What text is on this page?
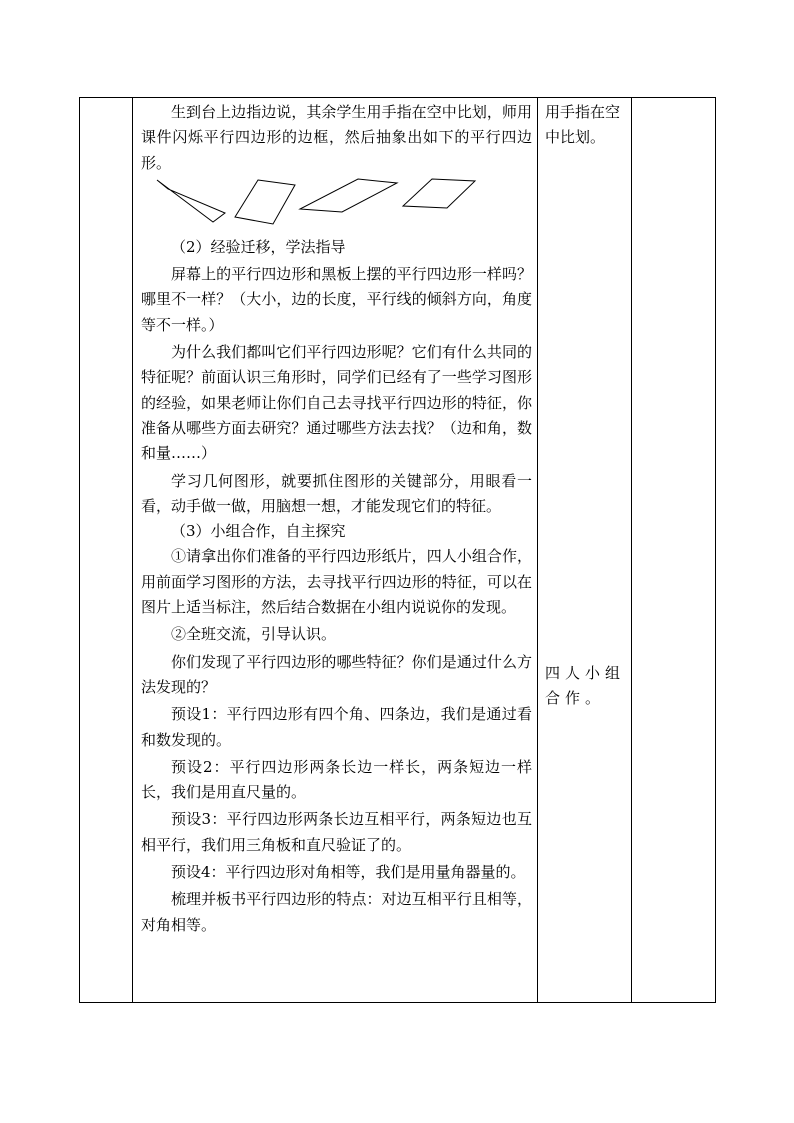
生到台上边指边说，其余学生用手指在空中比划，师用课件闪烁平行四边形的边框，然后抽象出如下的平行四边形。

（2）经验迁移，学法指导

屏幕上的平行四边形和黑板上摆的平行四边形一样吗？哪里不一样？（大小，边的长度，平行线的倾斜方向，角度等不一样。）

为什么我们都叫它们平行四边形呢？它们有什么共同的特征呢？前面认识三角形时，同学们已经有了一些学习图形的经验，如果老师让你们自己去寻找平行四边形的特征，你准备从哪些方面去研究？通过哪些方法去找？（边和角，数和量……）

学习几何图形，就要抓住图形的关键部分，用眼看一看，动手做一做，用脑想一想，才能发现它们的特征。

（3）小组合作，自主探究

①请拿出你们准备的平行四边形纸片，四人小组合作，用前面学习图形的方法，去寻找平行四边形的特征，可以在图片上适当标注，然后结合数据在小组内说说你的发现。

②全班交流，引导认识。

你们发现了平行四边形的哪些特征？你们是通过什么方法发现的？

预设1：平行四边形有四个角、四条边，我们是通过看和数发现的。

预设2：平行四边形两条长边一样长，两条短边一样长，我们是用直尺量的。

预设3：平行四边形两条长边互相平行，两条短边也互相平行，我们用三角板和直尺验证了的。

预设4：平行四边形对角相等，我们是用量角器量的。

梳理并板书平行四边形的特点：对边互相平行且相等，对角相等。

用手指在空中比划。
四人小组合作。
